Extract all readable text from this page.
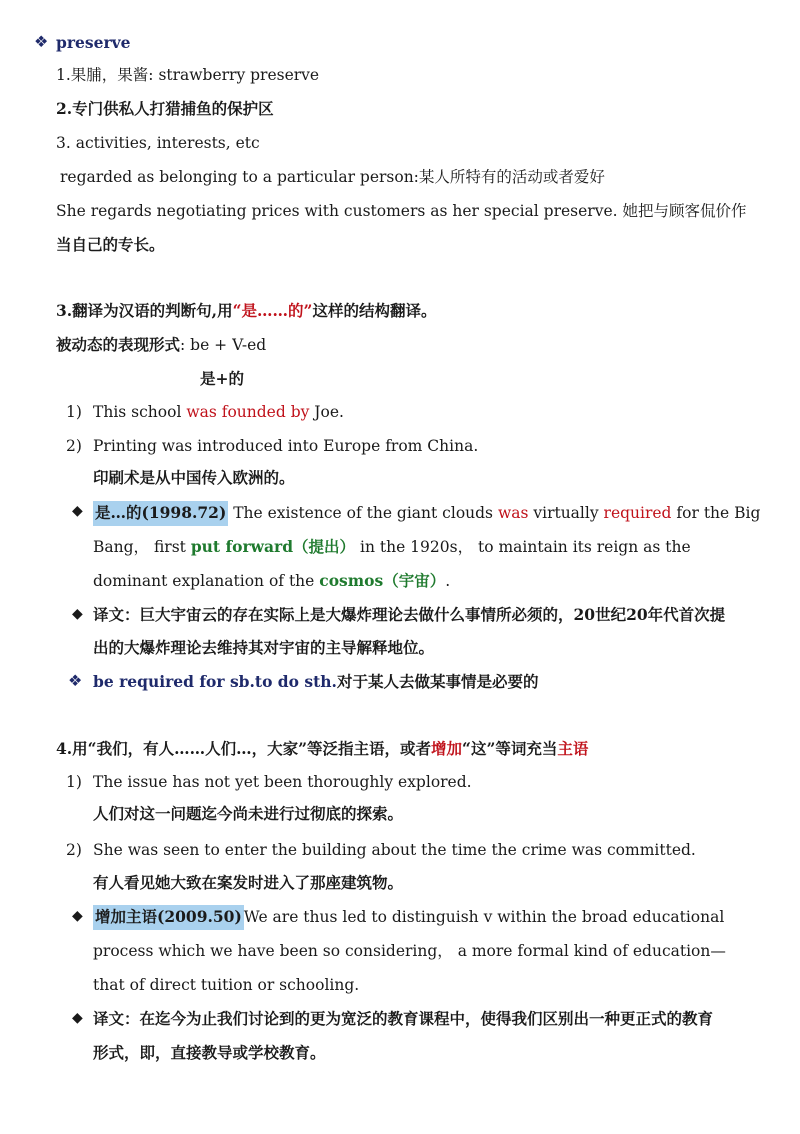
❖ preserve
1.果脯，果酱: strawberry preserve
2.专门供私人打猎捕鱼的保护区
3. activities, interests, etc
regarded as belonging to a particular person:某人所特有的活动或者爱好
She regards negotiating prices with customers as her special preserve. 她把与顾客侃价作
当自己的专长。
3.翻译为汉语的判断句,用“是……的”这样的结构翻译。
被动态的表现形式: be + V-ed
是+的
1) This school was founded by Joe.
2) Printing was introduced into Europe from China.
印刷术是从中国传入欧洲的。
◆ 是…的(1998.72) The existence of the giant clouds was virtually required for the Big
Bang， first put forward（提出） in the 1920s， to maintain its reign as the
dominant explanation of the cosmos（宇宙）.
◆ 译文：巨大宇宙云的存在实际上是大爆炸理论去做什么事情所必须的，20世纪20年代首次提
出的大爆炸理论去维持其对宇宙的主导解释地位。
❖ be required for sb.to do sth.对于某人去做某事情是必要的
4.用“我们，有人……人们…，大家”等泛指主语，或者增加“这”等词充当主语
1) The issue has not yet been thoroughly explored.
人们对这一问题迄今尚未进行过彻底的探索。
2) She was seen to enter the building about the time the crime was committed.
有人看见她大致在案发时进入了那座建筑物。
◆ 增加主语(2009.50) We are thus led to distinguish v within the broad educational
process which we have been so considering， a more formal kind of education—
that of direct tuition or schooling.
◆ 译文：在迄今为止我们讨论到的更为宽泛的教育课程中，使得我们区别出一种更正式的教育
形式，即，直接教导或学校教育。
